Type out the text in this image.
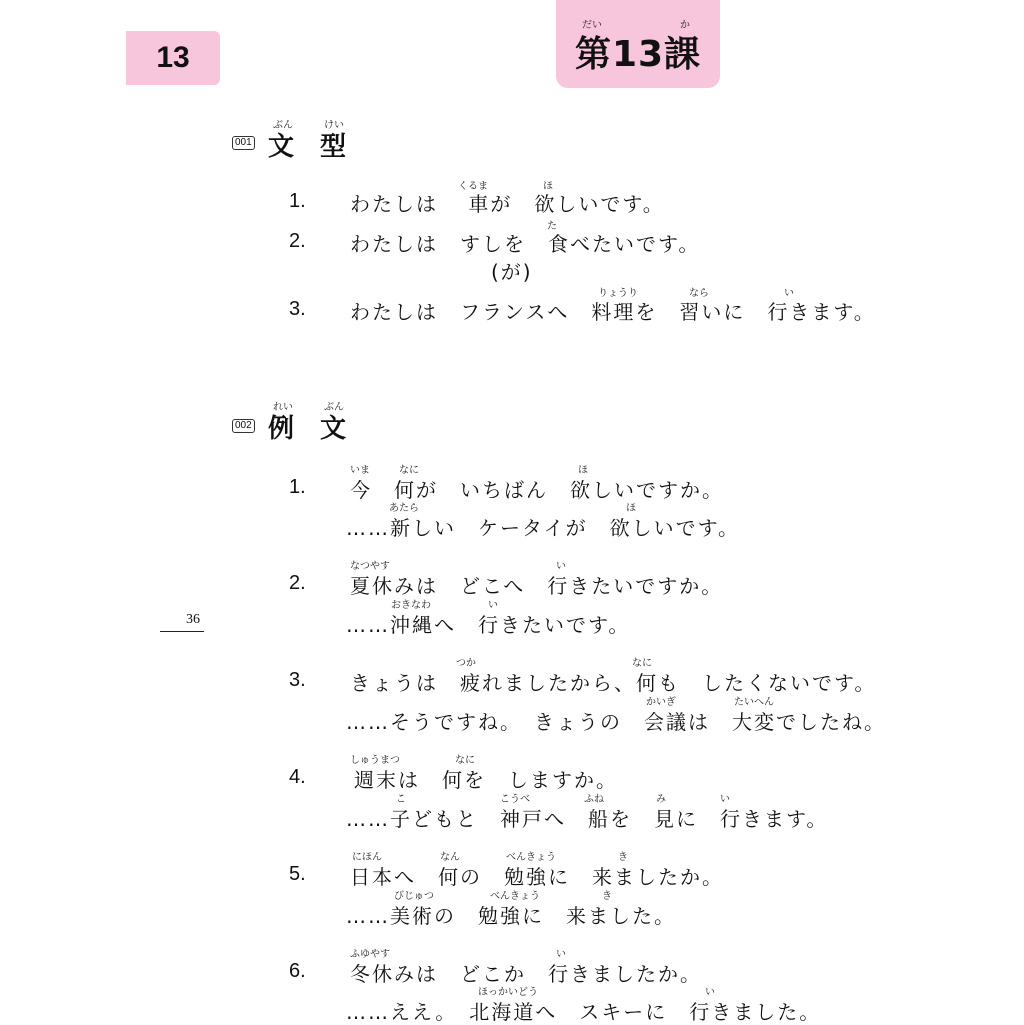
13
だい	か
第13課
36
001
ぶん	けい
文 型
1. わたしは　 車が　欲しいです。
くるま	ほ
2. わたしは　すしを　食べたいです。
た
(が)
3. わたしは　フランスへ　料理を　習いに　行きます。
りょうり	なら	い
002
れい	ぶん
例 文
1. 今　何が　いちばん　欲しいですか。
いま	なに	ほ
……新しい　ケータイが　欲しいです。
あたら	ほ
2. 夏休みは　どこへ　行きたいですか。
なつやす	い
……沖縄へ　行きたいです。
おきなわ	い
3. きょうは　疲れましたから、何も　したくないです。
つか	なに
……そうですね。　きょうの　会議は　大変でしたね。
かいぎ	たいへん
4. 週末は　何を　しますか。
しゅうまつ	なに
……子どもと　神戸へ　船を　見に　行きます。
こ	こうべ	ふね	み	い
5. 日本へ　何の　勉強に　来ましたか。
にほん	なん	べんきょう	き
……美術の　勉強に　来ました。
びじゅつ	べんきょう	き
6. 冬休みは　どこか　行きましたか。
ふゆやす	い
……ええ。　北海道へ　スキーに　行きました。
ほっかいどう	い
